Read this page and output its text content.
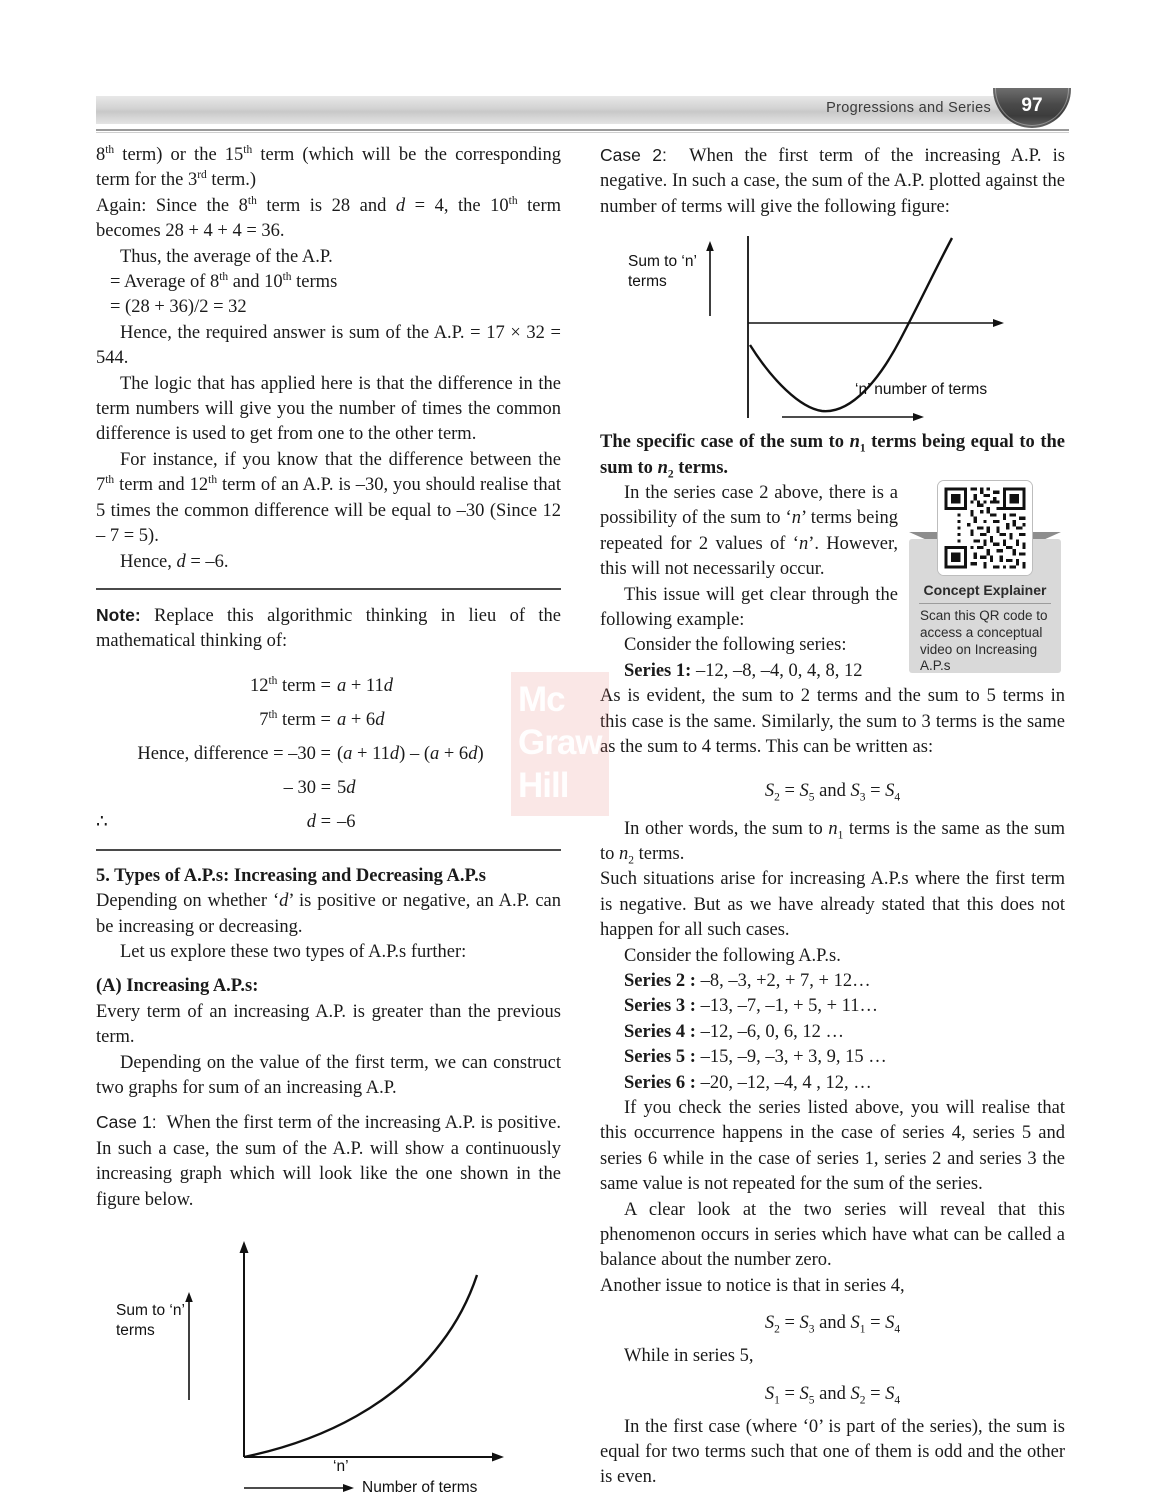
Progressions and Series	97

8th term) or the 15th term (which will be the corresponding term for the 3rd term.)

Again: Since the 8th term is 28 and d = 4, the 10th term becomes 28 + 4 + 4 = 36.

Thus, the average of the A.P.

= Average of 8th and 10th terms

= (28 + 36)/2 = 32

Hence, the required answer is sum of the A.P. = 17 × 32 = 544.

The logic that has applied here is that the difference in the term numbers will give you the number of times the common difference is used to get from one to the other term.

For instance, if you know that the difference between the 7th term and 12th term of an A.P. is –30, you should realise that 5 times the common difference will be equal to –30 (Since 12 – 7 = 5).

Hence, d = –6.

Note: Replace this algorithmic thinking in lieu of the mathematical thinking of:

12th term = a + 11d
7th term = a + 6d
Hence, difference = –30 = (a + 11d) – (a + 6d)
– 30 = 5d
∴	d = –6

5. Types of A.P.s: Increasing and Decreasing A.P.s

Depending on whether ‘d’ is positive or negative, an A.P. can be increasing or decreasing.

Let us explore these two types of A.P.s further:

(A) Increasing A.P.s:

Every term of an increasing A.P. is greater than the previous term.

Depending on the value of the first term, we can construct two graphs for sum of an increasing A.P.

Case 1: When the first term of the increasing A.P. is positive. In such a case, the sum of the A.P. will show a continuously increasing graph which will look like the one shown in the figure below.

Sum to ‘n’
terms
‘n’
Number of terms

Case 2: When the first term of the increasing A.P. is negative. In such a case, the sum of the A.P. plotted against the number of terms will give the following figure:

Sum to ‘n’
terms
‘n’ number of terms

The specific case of the sum to $n_1$ terms being equal to the sum to $n_2$ terms.

In the series case 2 above, there is a possibility of the sum to ‘n’ terms being repeated for 2 values of ‘n’. However, this will not necessarily occur.

This issue will get clear through the following example:

Consider the following series:

Series 1: –12, –8, –4, 0, 4, 8, 12

As is evident, the sum to 2 terms and the sum to 5 terms in this case is the same. Similarly, the sum to 3 terms is the same as the sum to 4 terms. This can be written as:

$S_2 = S_5$ and $S_3 = S_4$

In other words, the sum to $n_1$ terms is the same as the sum to $n_2$ terms.

Such situations arise for increasing A.P.s where the first term is negative. But as we have already stated that this does not happen for all such cases.

Consider the following A.P.s.

Series 2 : –8, –3, +2, + 7, + 12…

Series 3 : –13, –7, –1, + 5, + 11…

Series 4 : –12, –6, 0, 6, 12 …

Series 5 : –15, –9, –3, + 3, 9, 15 …

Series 6 : –20, –12, –4, 4 , 12, …

If you check the series listed above, you will realise that this occurrence happens in the case of series 4, series 5 and series 6 while in the case of series 1, series 2 and series 3 the same value is not repeated for the sum of the series.

A clear look at the two series will reveal that this phenomenon occurs in series which have what can be called a balance about the number zero.

Another issue to notice is that in series 4,

$S_2 = S_3$ and $S_1 = S_4$

While in series 5,

$S_1 = S_5$ and $S_2 = S_4$

In the first case (where ‘0’ is part of the series), the sum is equal for two terms such that one of them is odd and the other is even.

Concept Explainer
Scan this QR code to access a conceptual video on Increasing A.P.s
Mc
Graw
Hill
